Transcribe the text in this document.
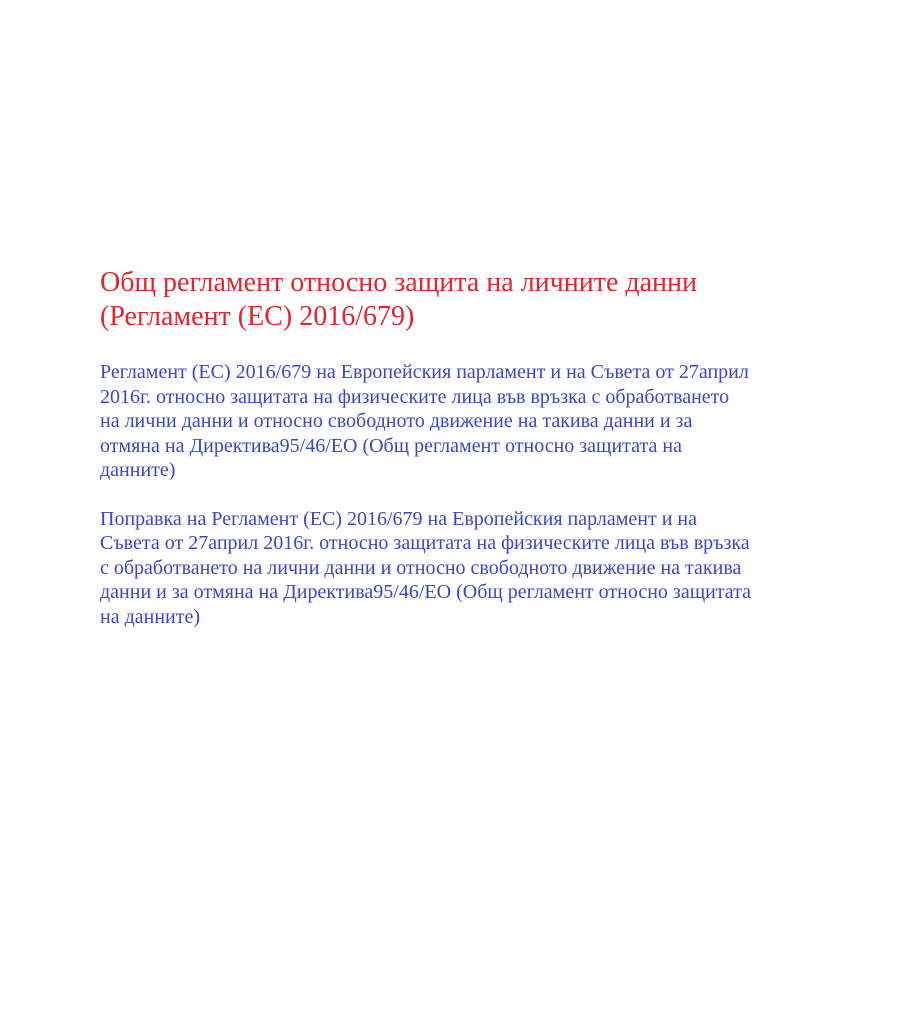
Общ регламент относно защита на личните данни
(Регламент (ЕС) 2016/679)
Регламент (ЕС) 2016/679 на Европейския парламент и на Съвета от 27април
2016г. относно защитата на физическите лица във връзка с обработването
на лични данни и относно свободното движение на такива данни и за
отмяна на Директива95/46/ЕО (Общ регламент относно защитата на
данните)
Поправка на Регламент (ЕС) 2016/679 на Европейския парламент и на
Съвета от 27април 2016г. относно защитата на физическите лица във връзка
с обработването на лични данни и относно свободното движение на такива
данни и за отмяна на Директива95/46/ЕО (Общ регламент относно защитата
на данните)
